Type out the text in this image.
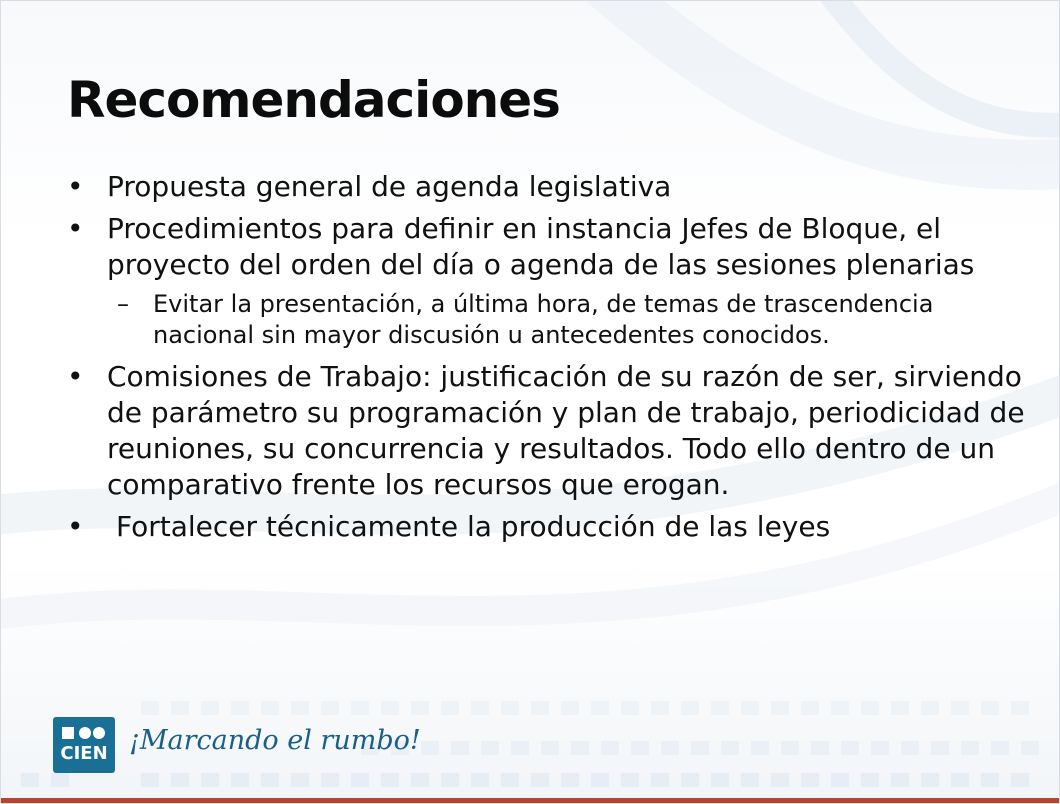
Recomendaciones
• Propuesta general de agenda legislativa
• Procedimientos para definir en instancia Jefes de Bloque, el proyecto del orden del día o agenda de las sesiones plenarias
– Evitar la presentación, a última hora, de temas de trascendencia nacional sin mayor discusión u antecedentes conocidos.
• Comisiones de Trabajo: justificación de su razón de ser, sirviendo de parámetro su programación y plan de trabajo, periodicidad de reuniones, su concurrencia y resultados. Todo ello dentro de un comparativo frente los recursos que erogan.
• Fortalecer técnicamente la producción de las leyes
CIEN ¡Marcando el rumbo!
